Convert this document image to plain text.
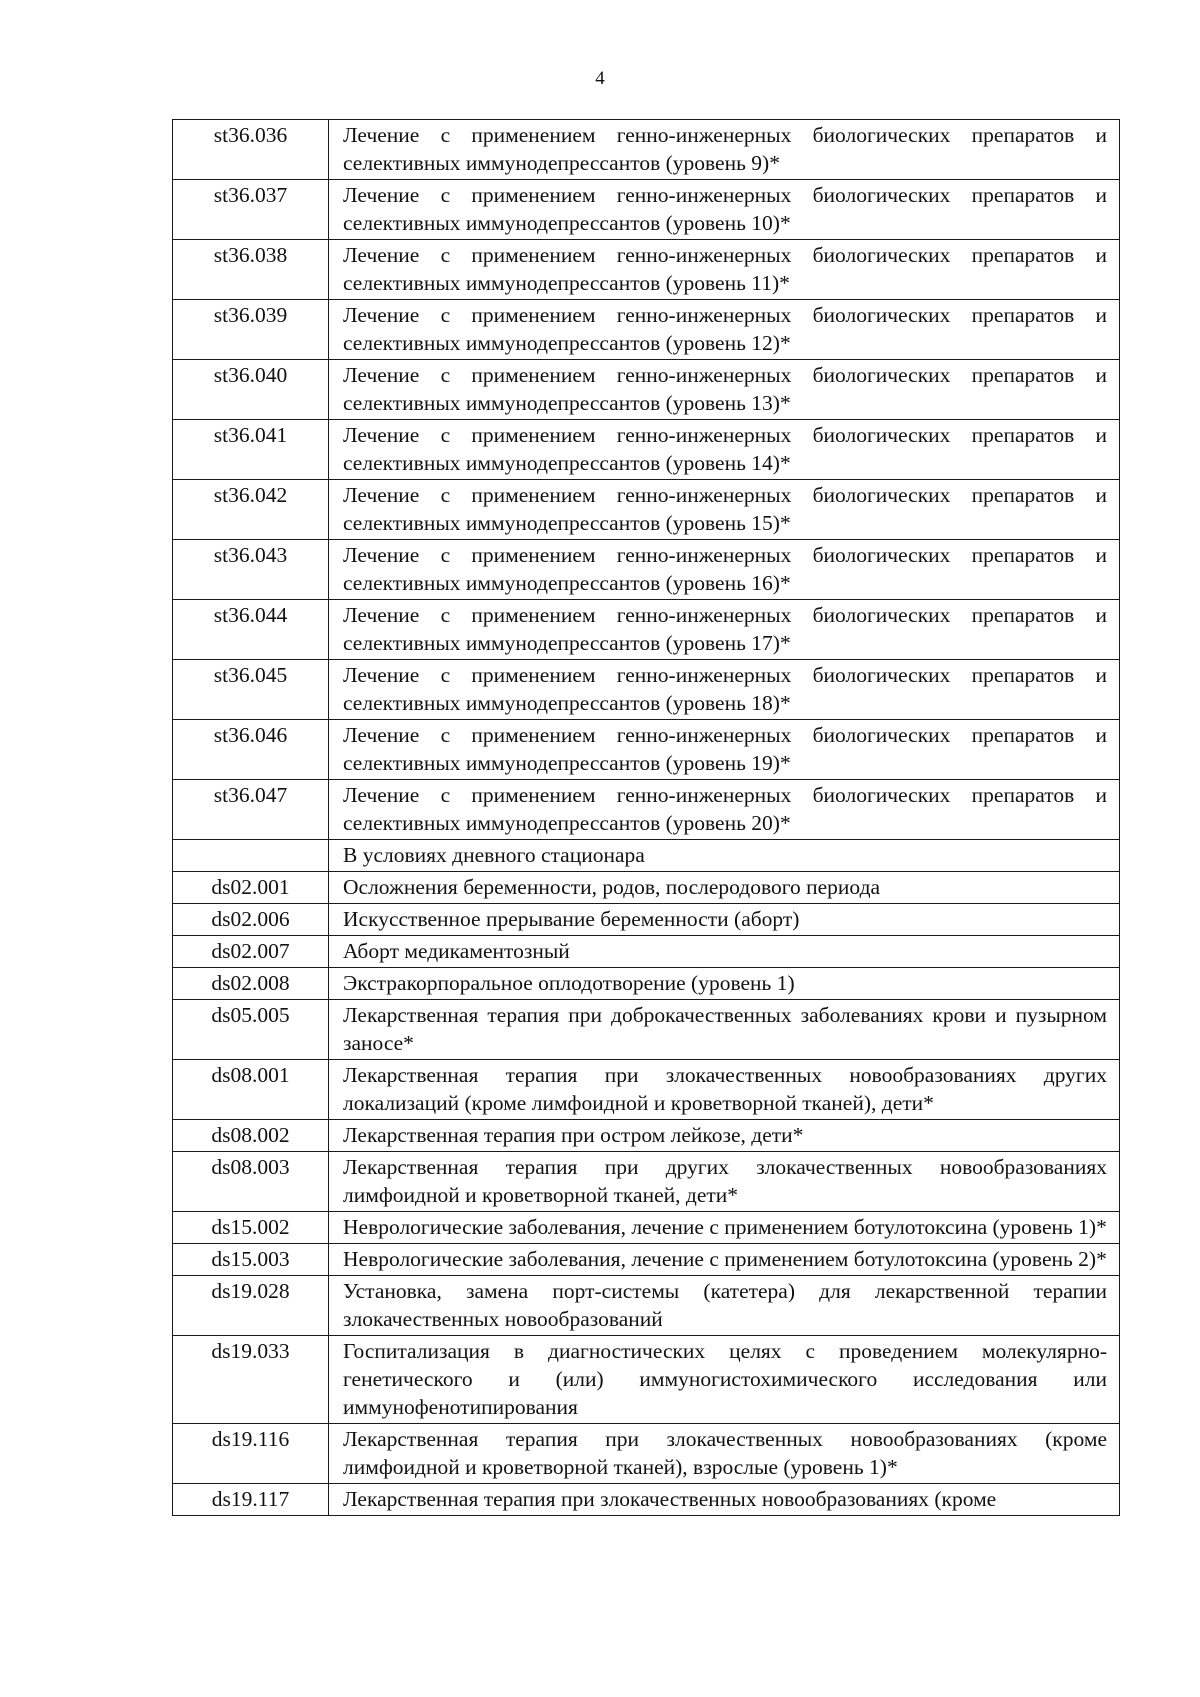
4
st36.036	Лечение с применением генно-инженерных биологических препаратов и селективных иммунодепрессантов (уровень 9)*
st36.037	Лечение с применением генно-инженерных биологических препаратов и селективных иммунодепрессантов (уровень 10)*
st36.038	Лечение с применением генно-инженерных биологических препаратов и селективных иммунодепрессантов (уровень 11)*
st36.039	Лечение с применением генно-инженерных биологических препаратов и селективных иммунодепрессантов (уровень 12)*
st36.040	Лечение с применением генно-инженерных биологических препаратов и селективных иммунодепрессантов (уровень 13)*
st36.041	Лечение с применением генно-инженерных биологических препаратов и селективных иммунодепрессантов (уровень 14)*
st36.042	Лечение с применением генно-инженерных биологических препаратов и селективных иммунодепрессантов (уровень 15)*
st36.043	Лечение с применением генно-инженерных биологических препаратов и селективных иммунодепрессантов (уровень 16)*
st36.044	Лечение с применением генно-инженерных биологических препаратов и селективных иммунодепрессантов (уровень 17)*
st36.045	Лечение с применением генно-инженерных биологических препаратов и селективных иммунодепрессантов (уровень 18)*
st36.046	Лечение с применением генно-инженерных биологических препаратов и селективных иммунодепрессантов (уровень 19)*
st36.047	Лечение с применением генно-инженерных биологических препаратов и селективных иммунодепрессантов (уровень 20)*
	В условиях дневного стационара
ds02.001	Осложнения беременности, родов, послеродового периода
ds02.006	Искусственное прерывание беременности (аборт)
ds02.007	Аборт медикаментозный
ds02.008	Экстракорпоральное оплодотворение (уровень 1)
ds05.005	Лекарственная терапия при доброкачественных заболеваниях крови и пузырном заносе*
ds08.001	Лекарственная терапия при злокачественных новообразованиях других локализаций (кроме лимфоидной и кроветворной тканей), дети*
ds08.002	Лекарственная терапия при остром лейкозе, дети*
ds08.003	Лекарственная терапия при других злокачественных новообразованиях лимфоидной и кроветворной тканей, дети*
ds15.002	Неврологические заболевания, лечение с применением ботулотоксина (уровень 1)*
ds15.003	Неврологические заболевания, лечение с применением ботулотоксина (уровень 2)*
ds19.028	Установка, замена порт-системы (катетера) для лекарственной терапии злокачественных новообразований
ds19.033	Госпитализация в диагностических целях с проведением молекулярно-генетического и (или) иммуногистохимического исследования или иммунофенотипирования
ds19.116	Лекарственная терапия при злокачественных новообразованиях (кроме лимфоидной и кроветворной тканей), взрослые (уровень 1)*
ds19.117	Лекарственная терапия при злокачественных новообразованиях (кроме
